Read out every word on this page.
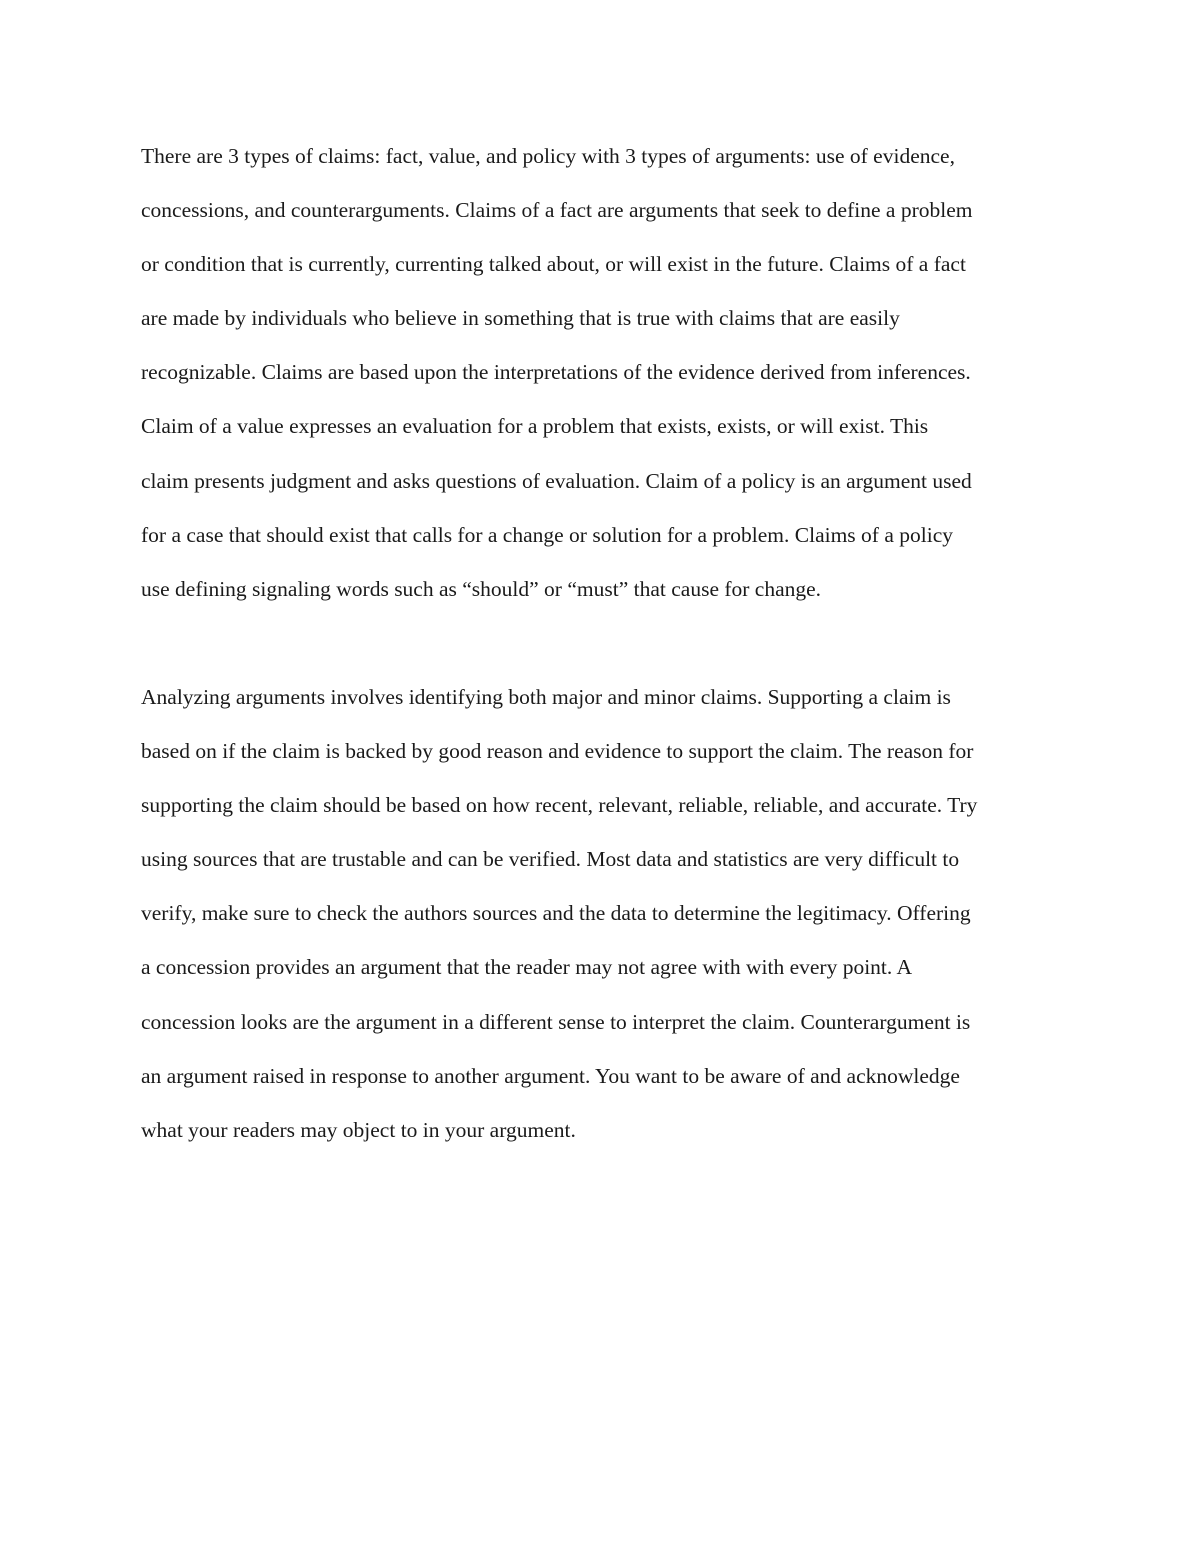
There are 3 types of claims: fact, value, and policy with 3 types of arguments: use of evidence,
concessions, and counterarguments. Claims of a fact are arguments that seek to define a problem
or condition that is currently, currenting talked about, or will exist in the future. Claims of a fact
are made by individuals who believe in something that is true with claims that are easily
recognizable. Claims are based upon the interpretations of the evidence derived from inferences.
Claim of a value expresses an evaluation for a problem that exists, exists, or will exist. This
claim presents judgment and asks questions of evaluation. Claim of a policy is an argument used
for a case that should exist that calls for a change or solution for a problem. Claims of a policy
use defining signaling words such as “should” or “must” that cause for change.

Analyzing arguments involves identifying both major and minor claims. Supporting a claim is
based on if the claim is backed by good reason and evidence to support the claim. The reason for
supporting the claim should be based on how recent, relevant, reliable, reliable, and accurate. Try
using sources that are trustable and can be verified. Most data and statistics are very difficult to
verify, make sure to check the authors sources and the data to determine the legitimacy. Offering
a concession provides an argument that the reader may not agree with with every point. A
concession looks are the argument in a different sense to interpret the claim. Counterargument is
an argument raised in response to another argument. You want to be aware of and acknowledge
what your readers may object to in your argument.
